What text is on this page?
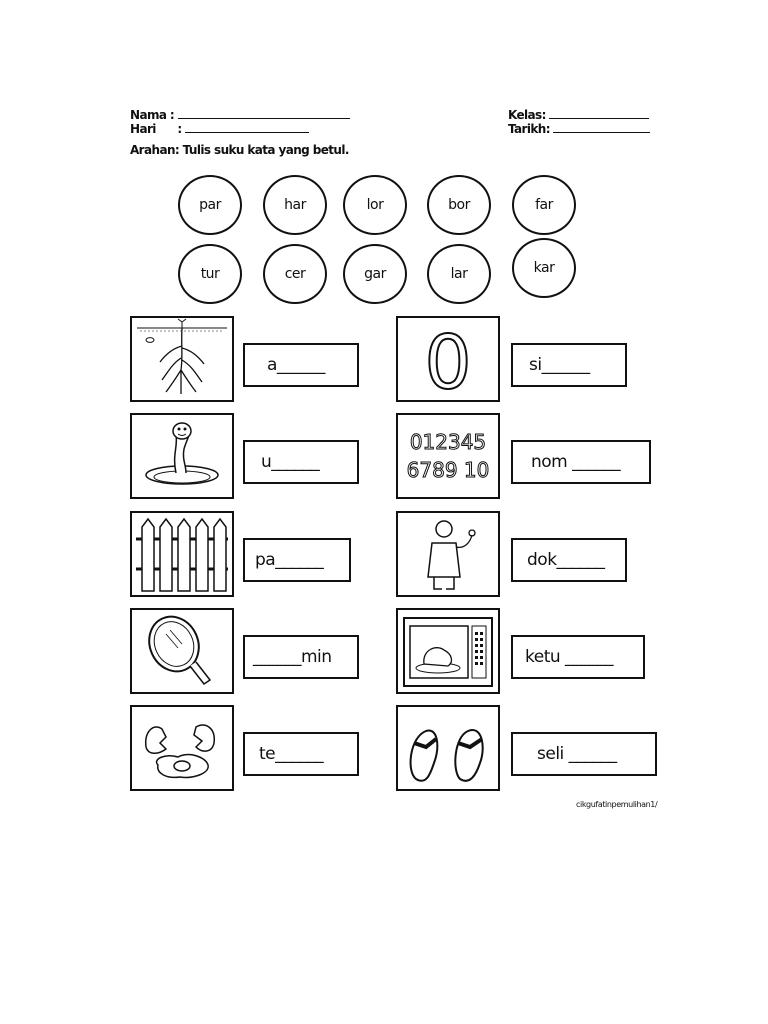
Nama :
Hari :
Kelas:
Tarikh:
Arahan: Tulis suku kata yang betul.
par	har	lor	bor	far
tur	cer	gar	lar	kar
a______ 0	si______
u______
012345
6789 10 nom ______
pa______	dok______
______min	ketu ______
te______	seli ______
cikgufatinpemulihan1/
